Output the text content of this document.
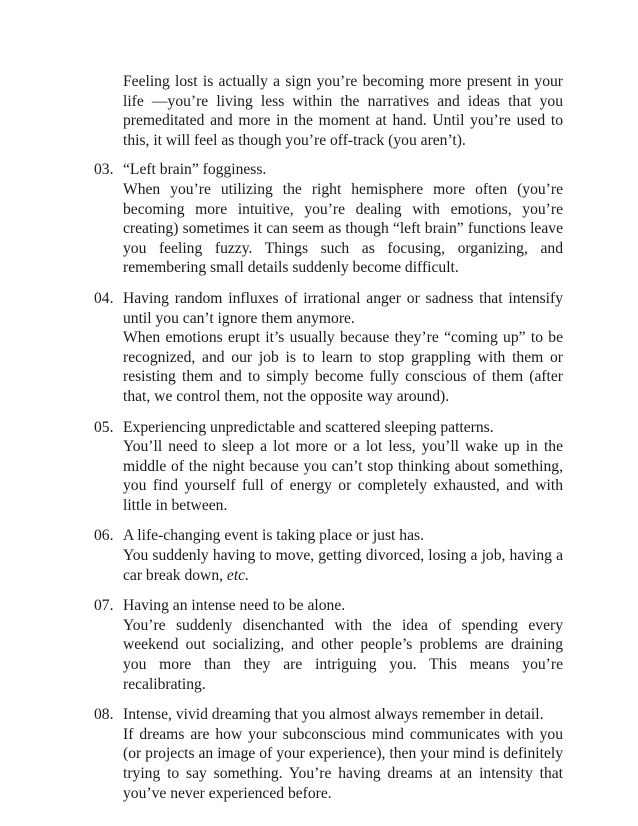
Feeling lost is actually a sign you’re becoming more present in your life —you’re living less within the narratives and ideas that you premeditated and more in the moment at hand. Until you’re used to this, it will feel as though you’re off-track (you aren’t).

03. “Left brain” fogginess.
When you’re utilizing the right hemisphere more often (you’re becoming more intuitive, you’re dealing with emotions, you’re creating) sometimes it can seem as though “left brain” functions leave you feeling fuzzy. Things such as focusing, organizing, and remembering small details suddenly become difficult.
04. Having random influxes of irrational anger or sadness that intensify until you can’t ignore them anymore.
When emotions erupt it’s usually because they’re “coming up” to be recognized, and our job is to learn to stop grappling with them or resisting them and to simply become fully conscious of them (after that, we control them, not the opposite way around).
05. Experiencing unpredictable and scattered sleeping patterns.
You’ll need to sleep a lot more or a lot less, you’ll wake up in the middle of the night because you can’t stop thinking about something, you find yourself full of energy or completely exhausted, and with little in between.
06. A life-changing event is taking place or just has.
You suddenly having to move, getting divorced, losing a job, having a car break down, etc.
07. Having an intense need to be alone.
You’re suddenly disenchanted with the idea of spending every weekend out socializing, and other people’s problems are draining you more than they are intriguing you. This means you’re recalibrating.
08. Intense, vivid dreaming that you almost always remember in detail.
If dreams are how your subconscious mind communicates with you (or projects an image of your experience), then your mind is definitely trying to say something. You’re having dreams at an intensity that you’ve never experienced before.
